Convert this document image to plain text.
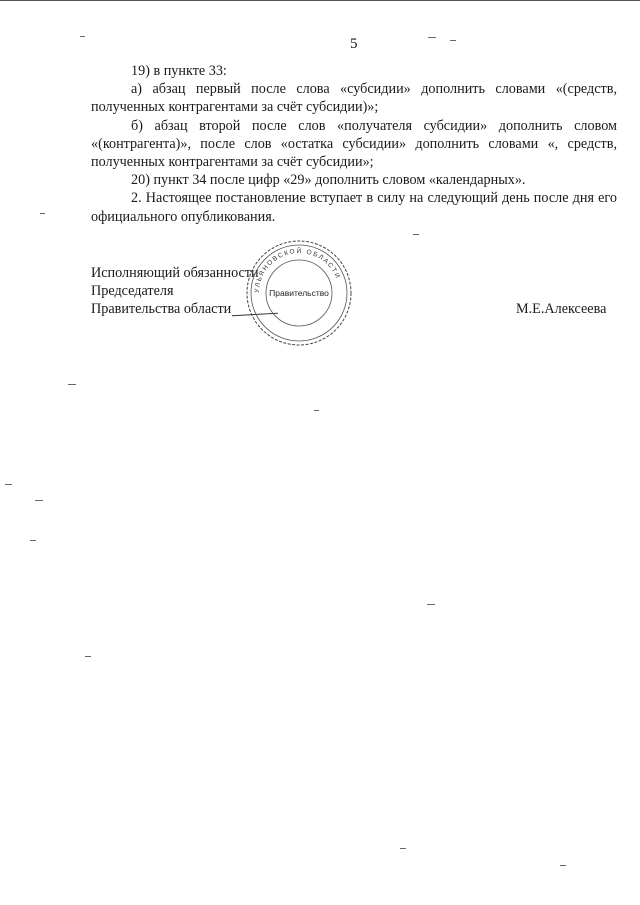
5

19) в пункте 33:

а) абзац первый после слова «субсидии» дополнить словами «(средств, полученных контрагентами за счёт субсидии)»;

б) абзац второй после слов «получателя субсидии» дополнить словом «(контрагента)», после слов «остатка субсидии» дополнить словами «, средств, полученных контрагентами за счёт субсидии»;

20) пункт 34 после цифр «29» дополнить словом «календарных».

2. Настоящее постановление вступает в силу на следующий день после дня его официального опубликования.

Исполняющий обязанности
Председателя
Правительства области	М.Е.Алексеева
УЛЬЯНОВСКОЙ ОБЛАСТИ
Правительство
